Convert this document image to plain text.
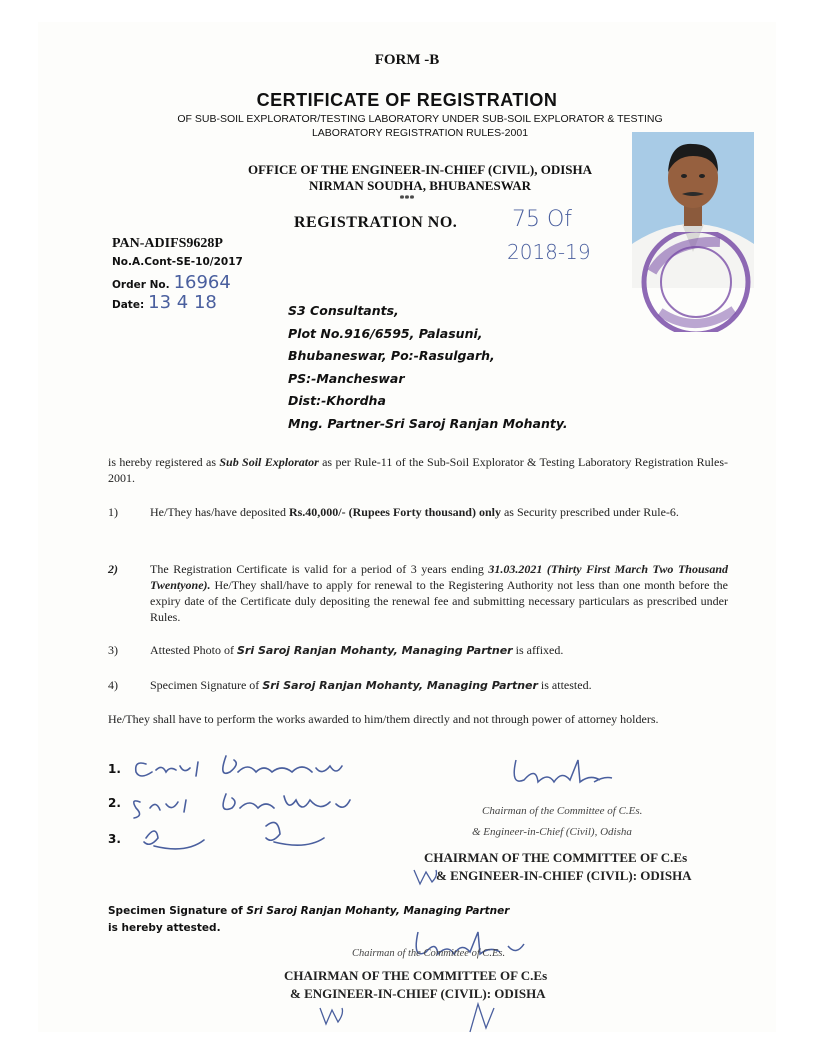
FORM -B
CERTIFICATE OF REGISTRATION
OF SUB-SOIL EXPLORATOR/TESTING LABORATORY UNDER SUB-SOIL EXPLORATOR & TESTING
LABORATORY REGISTRATION RULES-2001
OFFICE OF THE ENGINEER-IN-CHIEF (CIVIL), ODISHA
NIRMAN SOUDHA, BHUBANESWAR
***
REGISTRATION NO. 75 Of
2018-19
PAN-ADIFS9628P
No.A.Cont-SE-10/2017
Order No. 16964
Date: 13 4 18	S3 Consultants,
Plot No.916/6595, Palasuni,
Bhubaneswar, Po:-Rasulgarh,
PS:-Mancheswar
Dist:-Khordha
Mng. Partner-Sri Saroj Ranjan Mohanty.
is hereby registered as Sub Soil Explorator as per Rule-11 of the Sub-Soil Explorator & Testing Laboratory Registration Rules-2001.
1)	He/They has/have deposited Rs.40,000/- (Rupees Forty thousand) only as Security prescribed under Rule-6.
2)	The Registration Certificate is valid for a period of 3 years ending 31.03.2021 (Thirty First March Two Thousand Twentyone). He/They shall/have to apply for renewal to the Registering Authority not less than one month before the expiry date of the Certificate duly depositing the renewal fee and submitting necessary particulars as prescribed under Rules.
3)	Attested Photo of Sri Saroj Ranjan Mohanty, Managing Partner is affixed.
4)	Specimen Signature of Sri Saroj Ranjan Mohanty, Managing Partner is attested.
He/They shall have to perform the works awarded to him/them directly and not through power of attorney holders.
1.
2.
3.
Chairman of the Committee of C.Es.
& Engineer-in-Chief (Civil), Odisha
CHAIRMAN OF THE COMMITTEE OF C.Es
& ENGINEER-IN-CHIEF (CIVIL): ODISHA
Specimen Signature of Sri Saroj Ranjan Mohanty, Managing Partner
is hereby attested.
Chairman of the Committee of C.Es.
CHAIRMAN OF THE COMMITTEE OF C.Es
& ENGINEER-IN-CHIEF (CIVIL): ODISHA
